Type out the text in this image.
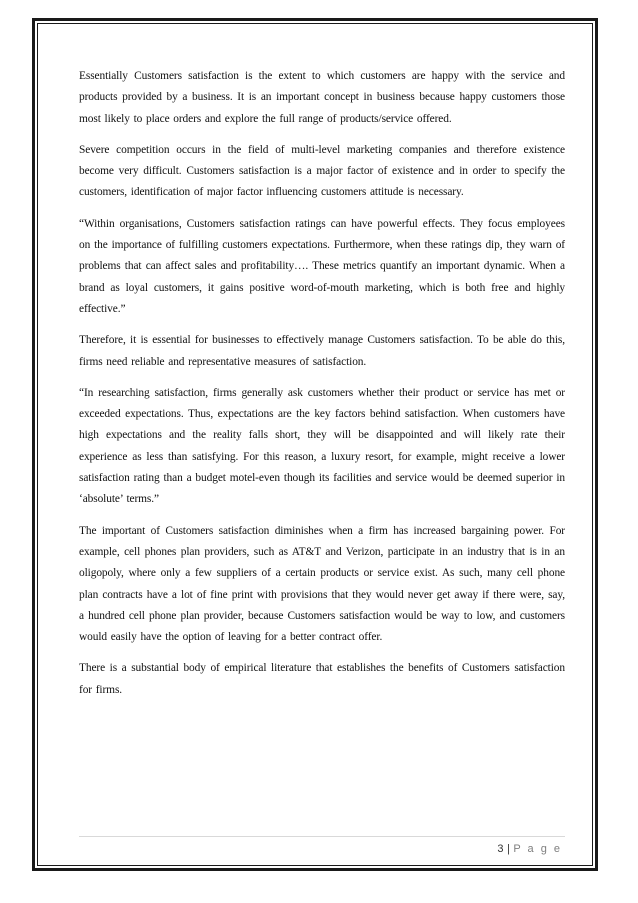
Essentially Customers satisfaction is the extent to which customers are happy with the service and products provided by a business. It is an important concept in business because happy customers those most likely to place orders and explore the full range of products/service offered.

Severe competition occurs in the field of multi-level marketing companies and therefore existence become very difficult. Customers satisfaction is a major factor of existence and in order to specify the customers, identification of major factor influencing customers attitude is necessary.

“Within organisations, Customers satisfaction ratings can have powerful effects. They focus employees on the importance of fulfilling customers expectations. Furthermore, when these ratings dip, they warn of problems that can affect sales and profitability…. These metrics quantify an important dynamic. When a brand as loyal customers, it gains positive word-of-mouth marketing, which is both free and highly effective.”

Therefore, it is essential for businesses to effectively manage Customers satisfaction. To be able do this, firms need reliable and representative measures of satisfaction.

“In researching satisfaction, firms generally ask customers whether their product or service has met or exceeded expectations. Thus, expectations are the key factors behind satisfaction. When customers have high expectations and the reality falls short, they will be disappointed and will likely rate their experience as less than satisfying. For this reason, a luxury resort, for example, might receive a lower satisfaction rating than a budget motel-even though its facilities and service would be deemed superior in ‘absolute’ terms.”

The important of Customers satisfaction diminishes when a firm has increased bargaining power. For example, cell phones plan providers, such as AT&T and Verizon, participate in an industry that is in an oligopoly, where only a few suppliers of a certain products or service exist. As such, many cell phone plan contracts have a lot of fine print with provisions that they would never get away if there were, say, a hundred cell phone plan provider, because Customers satisfaction would be way to low, and customers would easily have the option of leaving for a better contract offer.

There is a substantial body of empirical literature that establishes the benefits of Customers satisfaction for firms.

3 | P a g e
